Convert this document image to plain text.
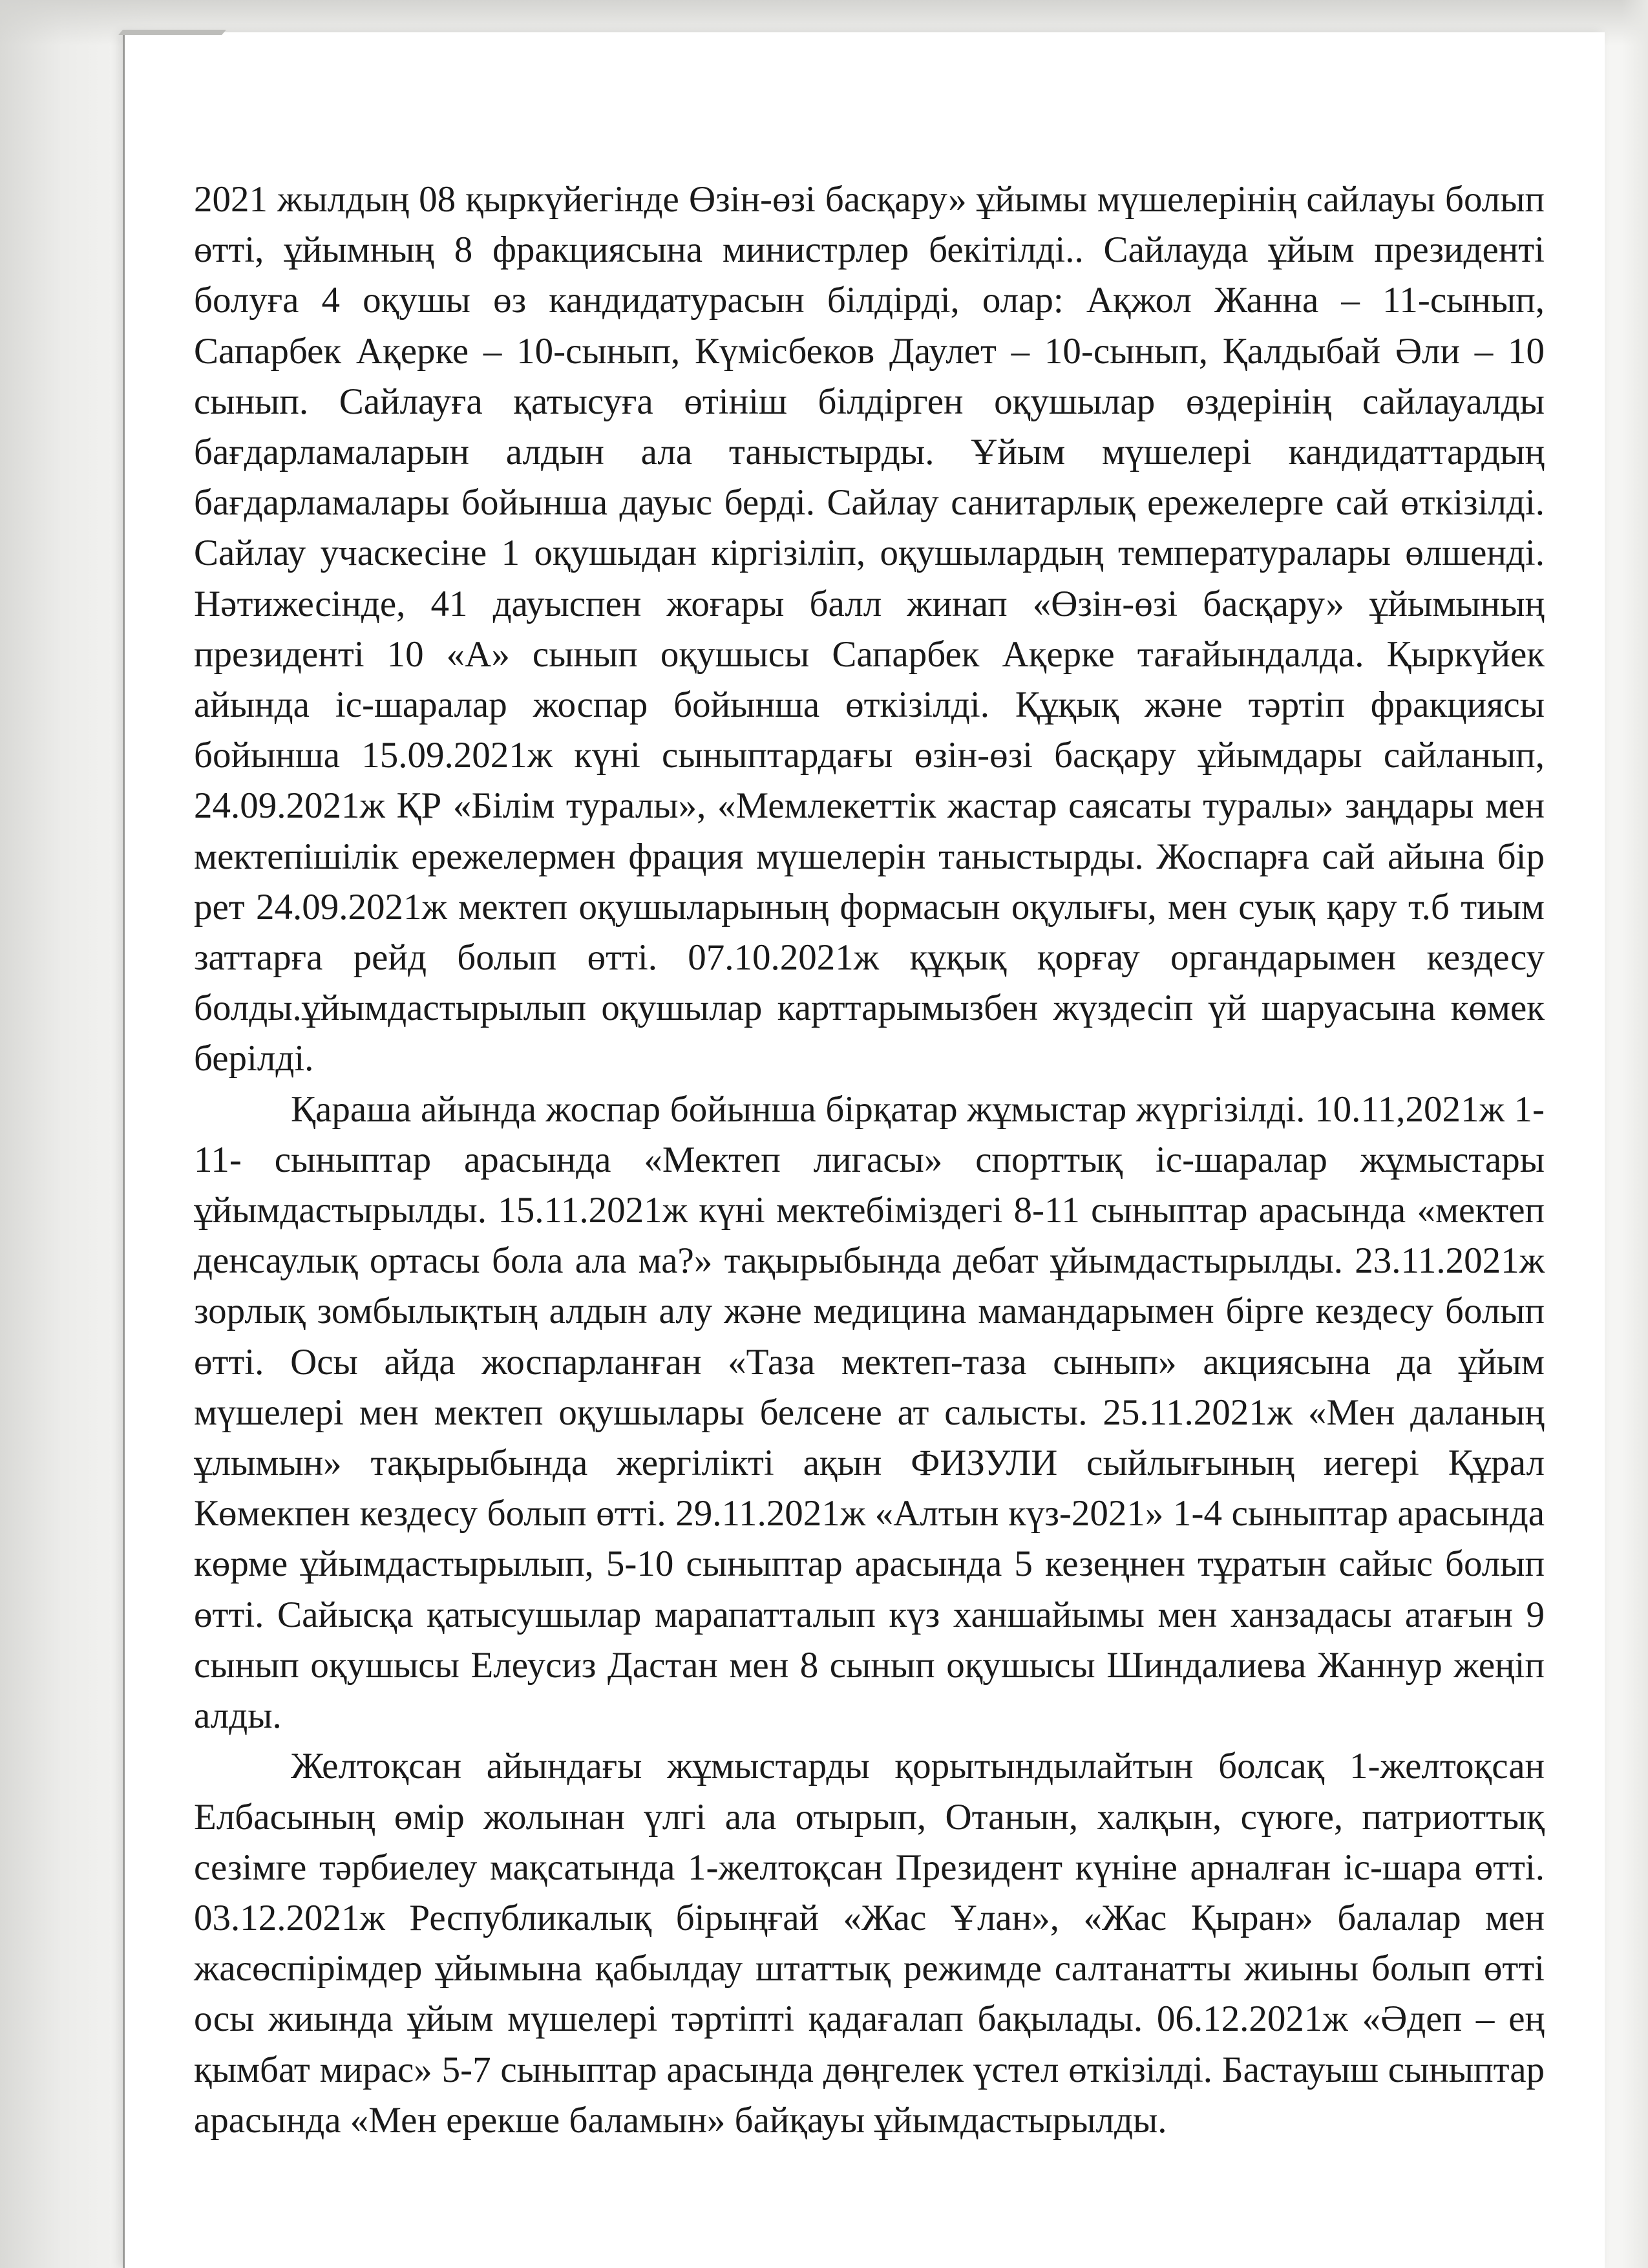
2021 жылдың 08 қыркүйегінде Өзін-өзі басқару» ұйымы мүшелерінің сайлауы болып өтті, ұйымның 8 фракциясына министрлер бекітілді.. Сайлауда ұйым президенті болуға 4 оқушы өз кандидатурасын білдірді, олар: Ақжол Жанна – 11-сынып, Сапарбек Ақерке – 10-сынып, Күмісбеков Даулет – 10-сынып, Қалдыбай Әли – 10 сынып. Сайлауға қатысуға өтініш білдірген оқушылар өздерінің сайлауалды бағдарламаларын алдын ала таныстырды. Ұйым мүшелері кандидаттардың бағдарламалары бойынша дауыс берді. Сайлау санитарлық ережелерге сай өткізілді. Сайлау учаскесіне 1 оқушыдан кіргізіліп, оқушылардың температуралары өлшенді. Нәтижесінде, 41 дауыспен жоғары балл жинап «Өзін-өзі басқару» ұйымының президенті 10 «А» сынып оқушысы Сапарбек Ақерке тағайындалда. Қыркүйек айында іс-шаралар жоспар бойынша өткізілді. Құқық және тәртіп фракциясы бойынша 15.09.2021ж күні сыныптардағы өзін-өзі басқару ұйымдары сайланып, 24.09.2021ж ҚР «Білім туралы», «Мемлекеттік жастар саясаты туралы» заңдары мен мектепішілік ережелермен фрация мүшелерін таныстырды. Жоспарға сай айына бір рет 24.09.2021ж мектеп оқушыларының формасын оқулығы, мен суық қару т.б тиым заттарға рейд болып өтті. 07.10.2021ж құқық қорғау органдарымен кездесу болды.ұйымдастырылып оқушылар карттарымызбен жүздесіп үй шаруасына көмек берілді.

Қараша айында жоспар бойынша бірқатар жұмыстар жүргізілді. 10.11,2021ж 1-11- сыныптар арасында «Мектеп лигасы» спорттық іс-шаралар жұмыстары ұйымдастырылды. 15.11.2021ж күні мектебіміздегі 8-11 сыныптар арасында «мектеп денсаулық ортасы бола ала ма?» тақырыбында дебат ұйымдастырылды. 23.11.2021ж зорлық зомбылықтың алдын алу және медицина мамандарымен бірге кездесу болып өтті. Осы айда жоспарланған «Таза мектеп-таза сынып» акциясына да ұйым мүшелері мен мектеп оқушылары белсене ат салысты. 25.11.2021ж «Мен даланың ұлымын» тақырыбында жергілікті ақын ФИЗУЛИ сыйлығының иегері Құрал Көмекпен кездесу болып өтті. 29.11.2021ж «Алтын күз-2021» 1-4 сыныптар арасында көрме ұйымдастырылып, 5-10 сыныптар арасында 5 кезеңнен тұратын сайыс болып өтті. Сайысқа қатысушылар марапатталып күз ханшайымы мен ханзадасы атағын 9 сынып оқушысы Елеусиз Дастан мен 8 сынып оқушысы Шиндалиева Жаннур жеңіп алды.

Желтоқсан айындағы жұмыстарды қорытындылайтын болсақ 1-желтоқсан Елбасының өмір жолынан үлгі ала отырып, Отанын, халқын, сүюге, патриоттық сезімге тәрбиелеу мақсатында 1-желтоқсан Президент күніне арналған іс-шара өтті. 03.12.2021ж Республикалық бірыңғай «Жас Ұлан», «Жас Қыран» балалар мен жасөспірімдер ұйымына қабылдау штаттық режимде салтанатты жиыны болып өтті осы жиында ұйым мүшелері тәртіпті қадағалап бақылады. 06.12.2021ж «Әдеп – ең қымбат мирас» 5-7 сыныптар арасында дөңгелек үстел өткізілді. Бастауыш сыныптар арасында «Мен ерекше баламын» байқауы ұйымдастырылды.
